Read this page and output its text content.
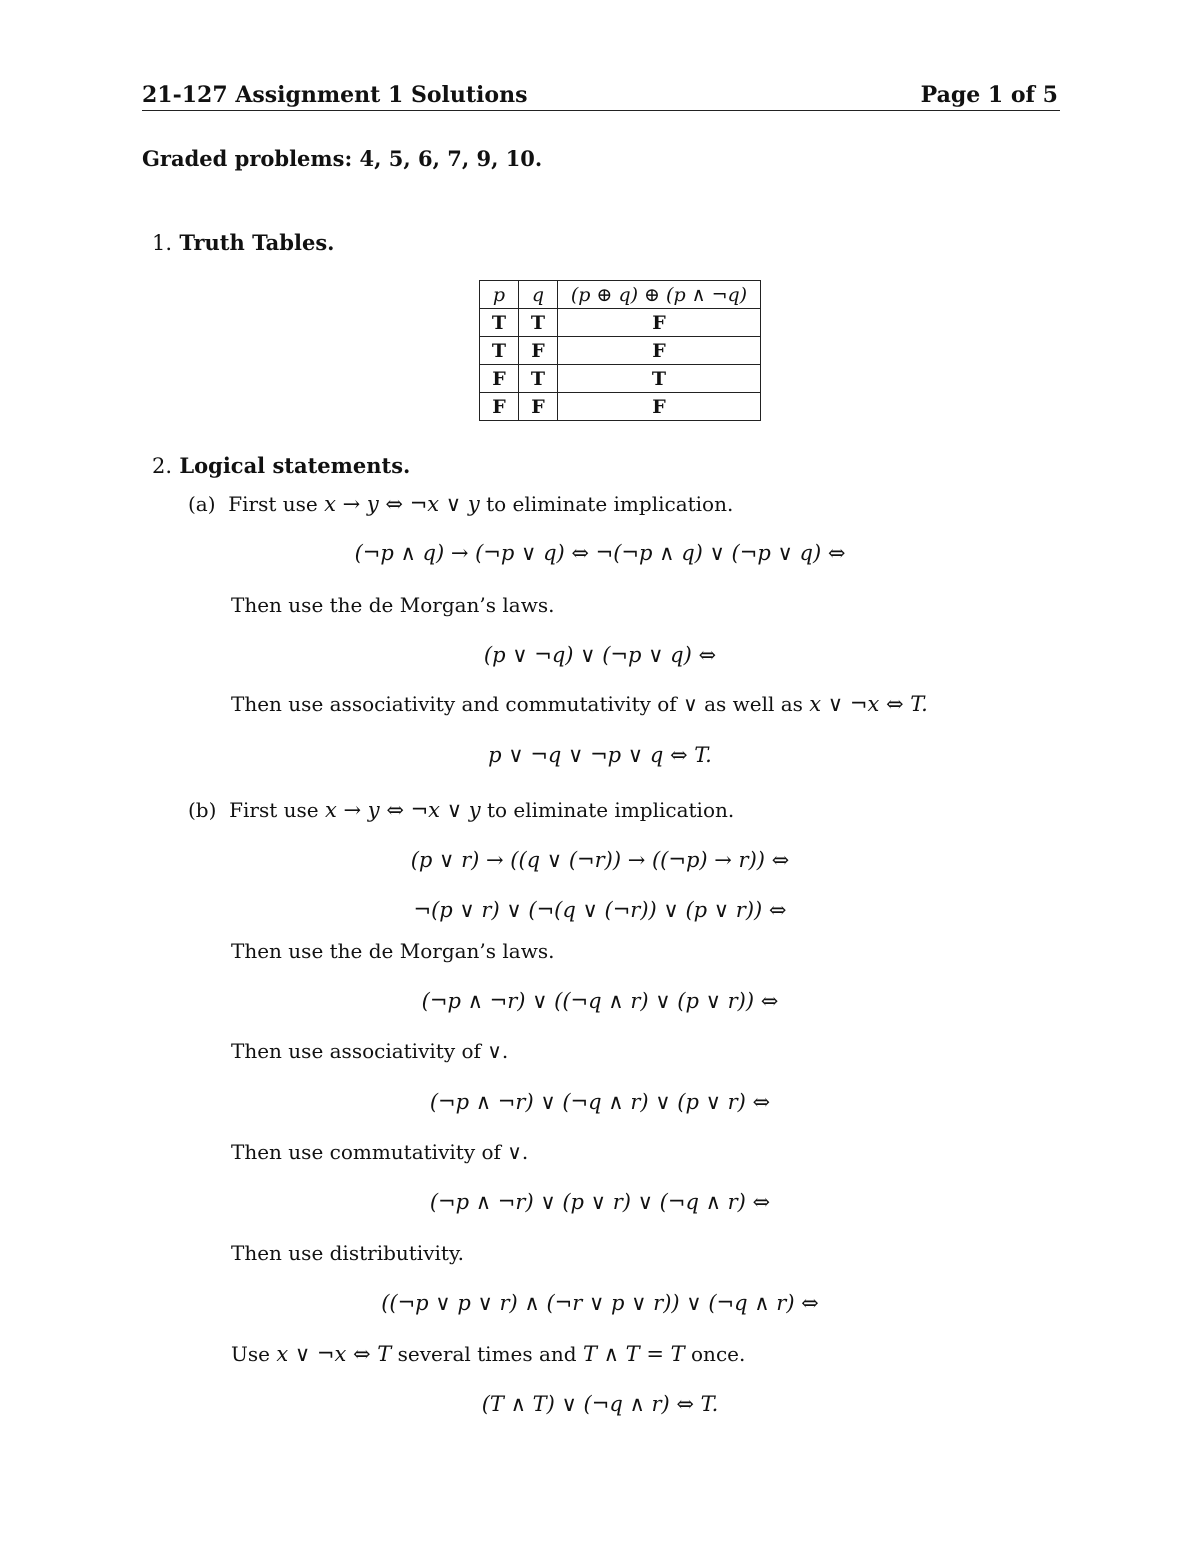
21-127 Assignment 1 Solutions	Page 1 of 5
Graded problems: 4, 5, 6, 7, 9, 10.
1. Truth Tables.
p	q	(p ⊕ q) ⊕ (p ∧ ¬q)
T	T	F
T	F	F
F	T	T
F	F	F
2. Logical statements.
(a) First use x → y ⇔ ¬x ∨ y to eliminate implication.
(¬p ∧ q) → (¬p ∨ q) ⇔ ¬(¬p ∧ q) ∨ (¬p ∨ q) ⇔
Then use the de Morgan’s laws.
(p ∨ ¬q) ∨ (¬p ∨ q) ⇔
Then use associativity and commutativity of ∨ as well as x ∨ ¬x ⇔ T.
p ∨ ¬q ∨ ¬p ∨ q ⇔ T.
(b) First use x → y ⇔ ¬x ∨ y to eliminate implication.
(p ∨ r) → ((q ∨ (¬r)) → ((¬p) → r)) ⇔
¬(p ∨ r) ∨ (¬(q ∨ (¬r)) ∨ (p ∨ r)) ⇔
Then use the de Morgan’s laws.
(¬p ∧ ¬r) ∨ ((¬q ∧ r) ∨ (p ∨ r)) ⇔
Then use associativity of ∨.
(¬p ∧ ¬r) ∨ (¬q ∧ r) ∨ (p ∨ r) ⇔
Then use commutativity of ∨.
(¬p ∧ ¬r) ∨ (p ∨ r) ∨ (¬q ∧ r) ⇔
Then use distributivity.
((¬p ∨ p ∨ r) ∧ (¬r ∨ p ∨ r)) ∨ (¬q ∧ r) ⇔
Use x ∨ ¬x ⇔ T several times and T ∧ T = T once.
(T ∧ T) ∨ (¬q ∧ r) ⇔ T.
